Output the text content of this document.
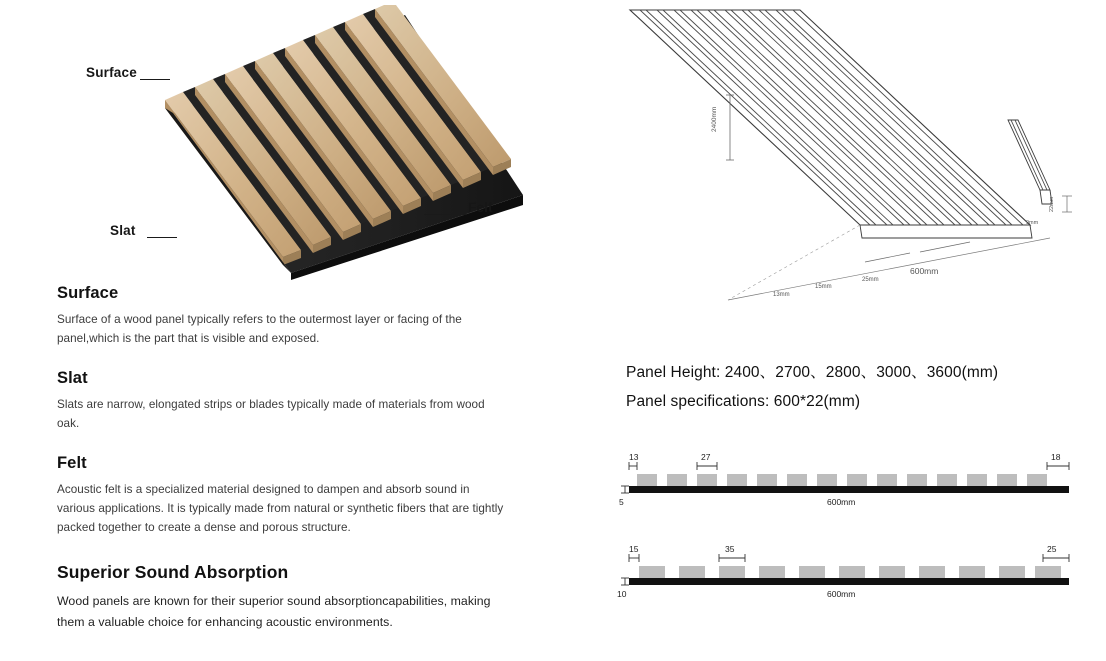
Surface
Slat
Felt
Surface

Surface of a wood panel typically refers to the outermost layer or facing of the panel,which is the part that is visible and exposed.

Slat

Slats are narrow, elongated strips or blades typically made of materials from wood oak.

Felt

Acoustic felt is a specialized material designed to dampen and absorb sound in various applications. It is typically made from natural or synthetic fibers that are tightly packed together to create a dense and porous structure.

Superior Sound Absorption

Wood panels are known for their superior sound absorptioncapabilities, making them a valuable choice for enhancing acoustic environments.

2400mm
600mm
13mm
15mm
25mm
9mm
22mm
Panel Height: 2400、2700、2800、3000、3600(mm)
Panel specifications: 600*22(mm)
13	27	18
5	600mm
15	35	25
10	600mm
